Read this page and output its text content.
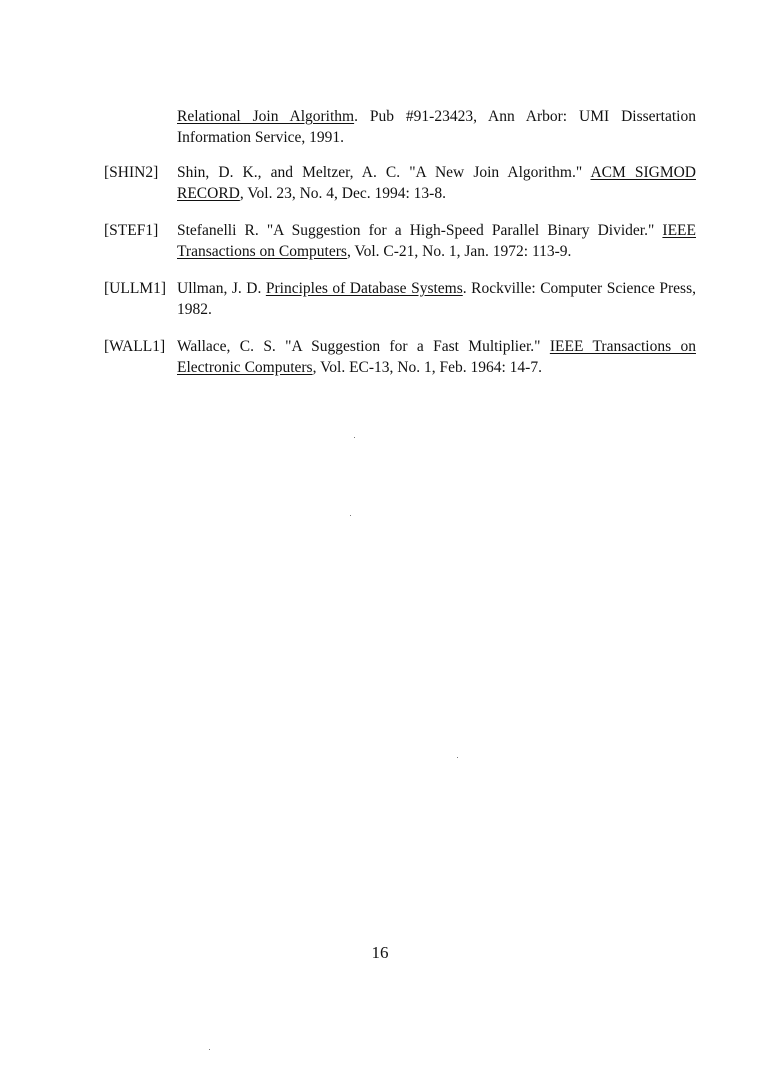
Relational Join Algorithm. Pub #91-23423, Ann Arbor: UMI Dissertation Information Service, 1991.
[SHIN2]	Shin, D. K., and Meltzer, A. C. "A New Join Algorithm." ACM SIGMOD RECORD, Vol. 23, No. 4, Dec. 1994: 13-8.
[STEF1]	Stefanelli R. "A Suggestion for a High-Speed Parallel Binary Divider." IEEE Transactions on Computers, Vol. C-21, No. 1, Jan. 1972: 113-9.
[ULLM1] Ullman, J. D. Principles of Database Systems. Rockville: Computer Science Press, 1982.
[WALL1] Wallace, C. S. "A Suggestion for a Fast Multiplier." IEEE Transactions on Electronic Computers, Vol. EC-13, No. 1, Feb. 1964: 14-7.
16
